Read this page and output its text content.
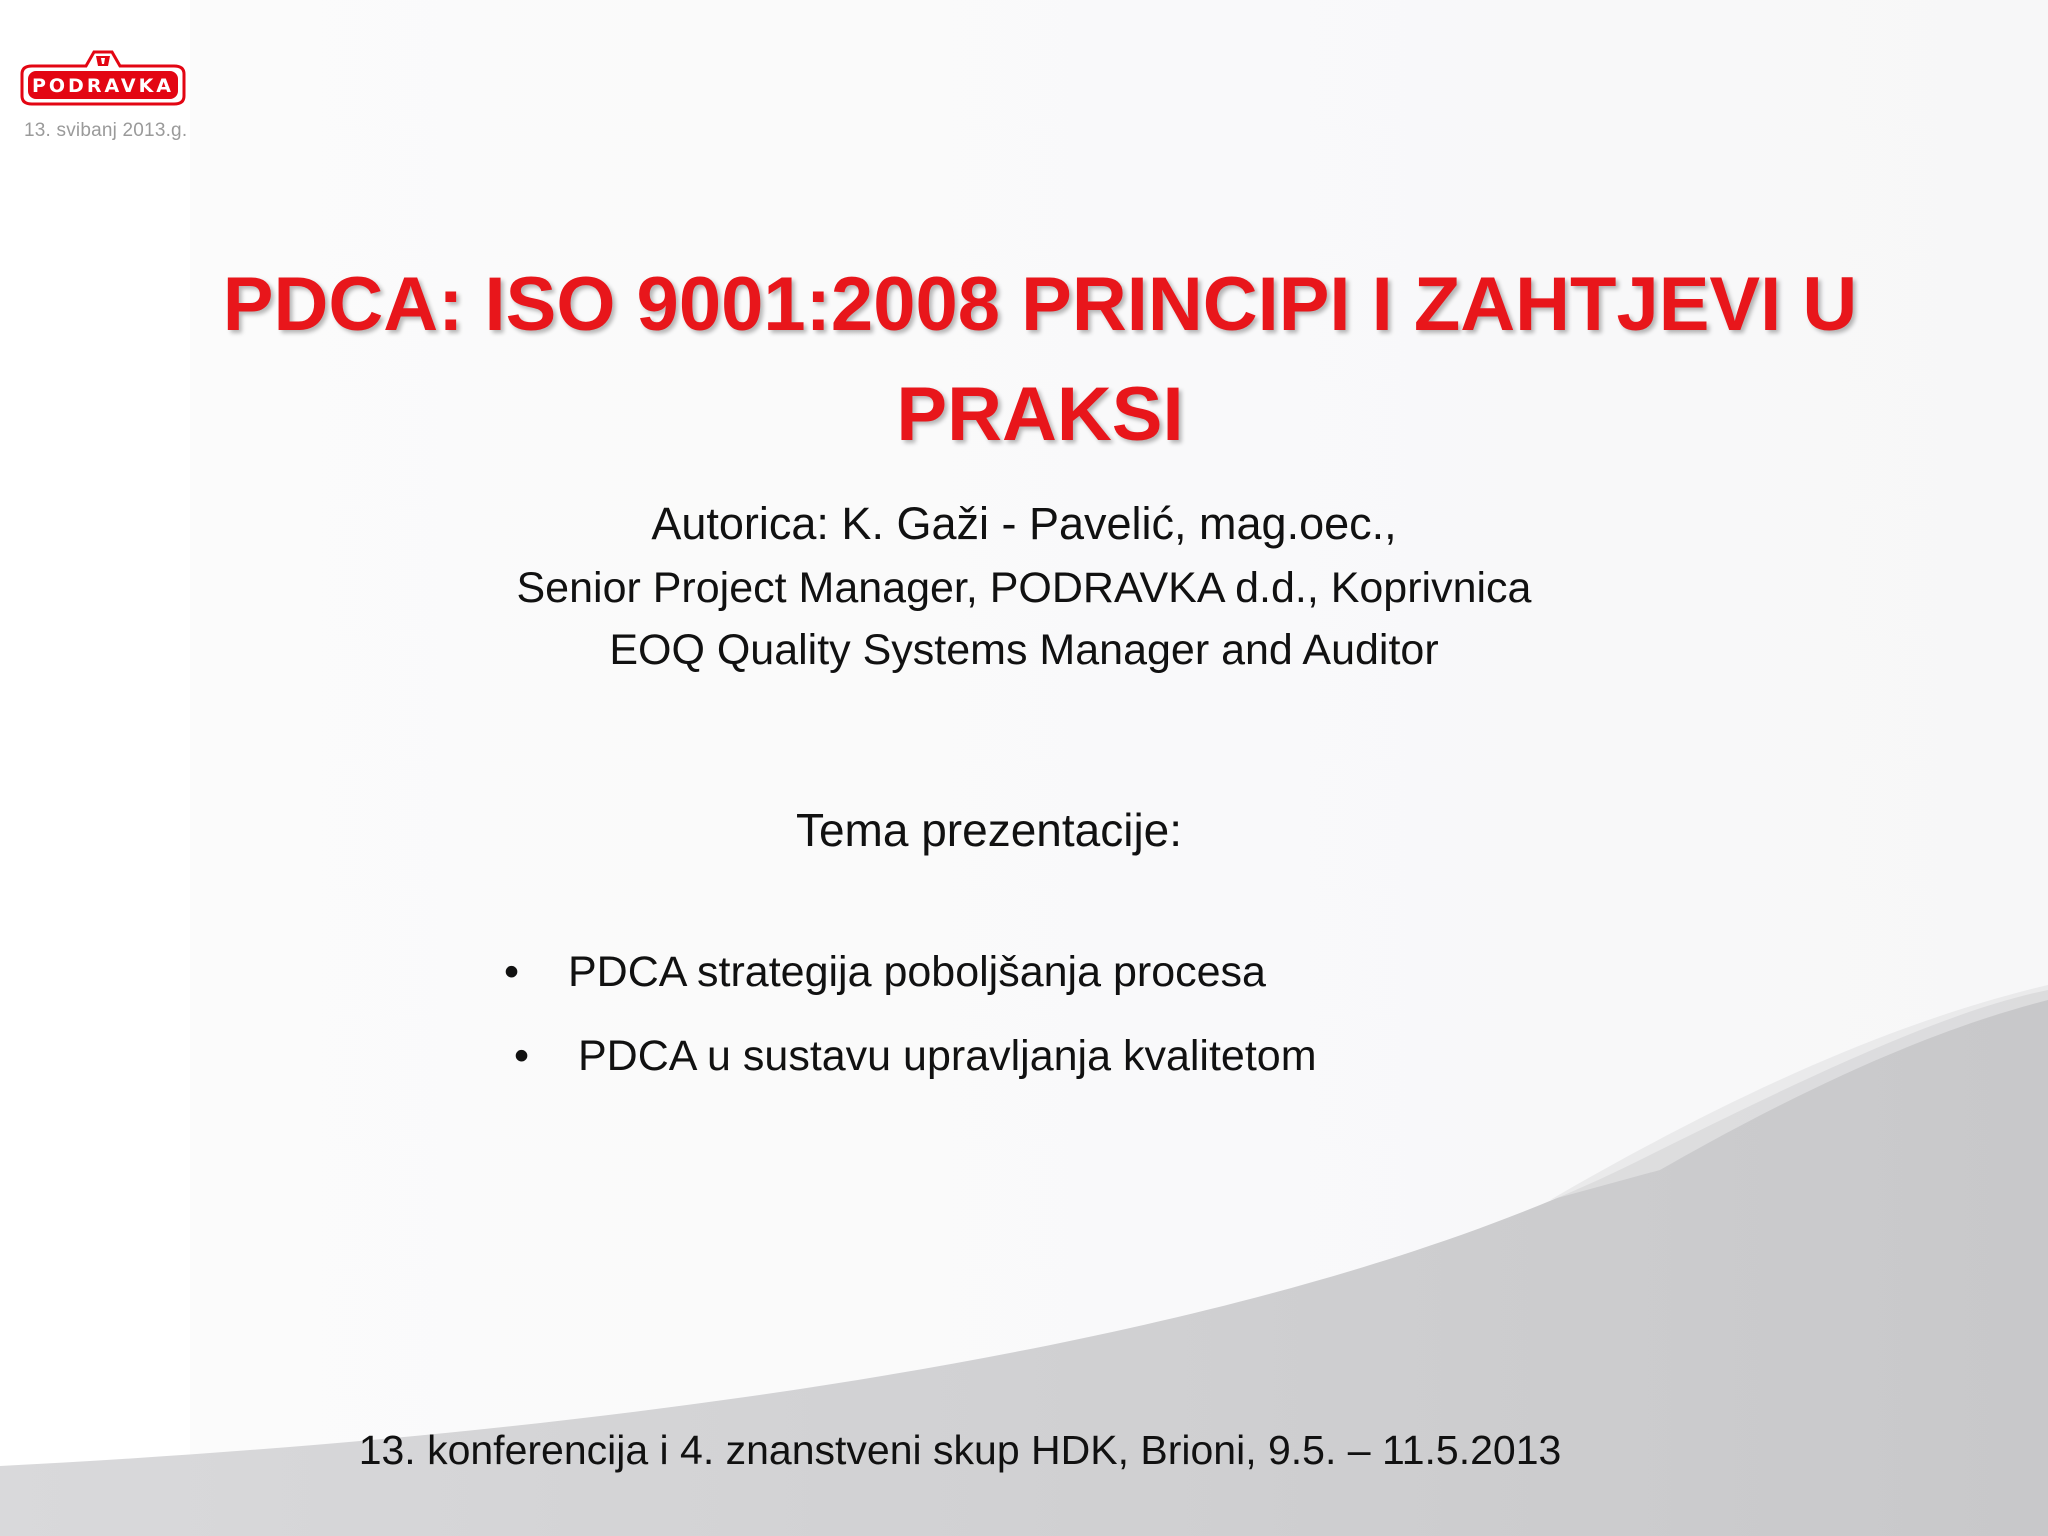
PODRAVKA
13. svibanj 2013.g.
PDCA: ISO 9001:2008 PRINCIPI I ZAHTJEVI U
PRAKSI
Autorica: K. Gaži - Pavelić, mag.oec.,
Senior Project Manager, PODRAVKA d.d., Koprivnica
EOQ Quality Systems Manager and Auditor
Tema prezentacije:
• PDCA strategija poboljšanja procesa
• PDCA u sustavu upravljanja kvalitetom
13. konferencija i 4. znanstveni skup HDK, Brioni, 9.5. – 11.5.2013
